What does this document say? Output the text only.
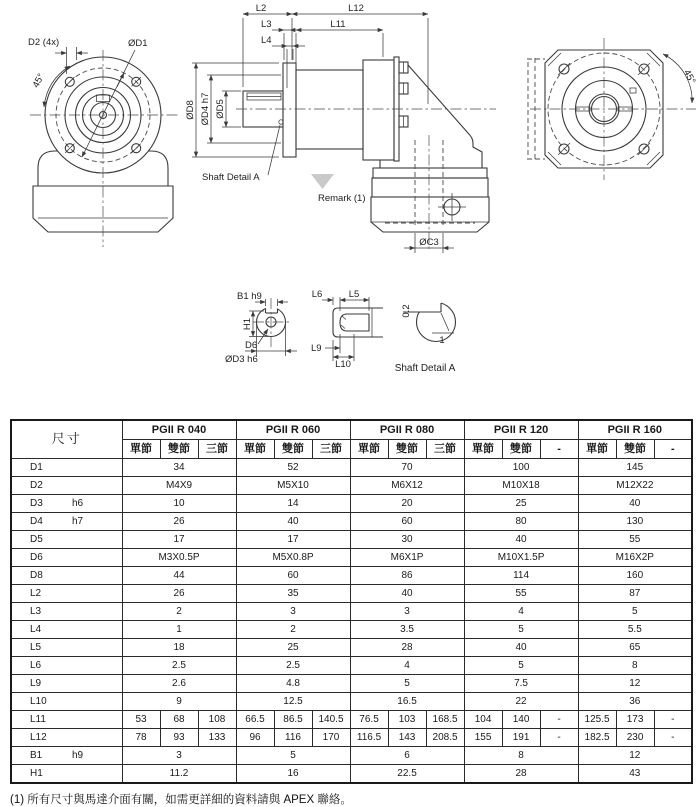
45°
D2 (4x)	ØD1
L2	L12
L3	L11
L4
ØD8 ØD4 h7 ØD5
Shaft Detail A
Remark (1)
ØC3
45°
B1 h9
H1
D6
ØD3 h6
L6	L5
L9
L10
0.2
1
Shaft Detail A
尺寸	PGII R 040			PGII R 060			PGII R 080			PGII R 120			PGII R 160		
	單節	雙節	三節	單節	雙節	三節	單節	雙節	三節	單節	雙節	-	單節	雙節	-
D1	34			52			70			100			145		
D2	M4X9			M5X10			M6X12			M10X18			M12X22		
D3 h6	10			14			20			25			40		
D4 h7	26			40			60			80			130		
D5	17			17			30			40			55		
D6	M3X0.5P			M5X0.8P			M6X1P			M10X1.5P			M16X2P		
D8	44			60			86			114			160		
L2	26			35			40			55			87		
L3	2			3			3			4			5		
L4	1			2			3.5			5			5.5		
L5	18			25			28			40			65		
L6	2.5			2.5			4			5			8		
L9	2.6			4.8			5			7.5			12		
L10	9			12.5			16.5			22			36		
L11	53	68	108	66.5	86.5	140.5	76.5	103	168.5	104	140	-	125.5	173	-
L12	78	93	133	96	116	170	116.5	143	208.5	155	191	-	182.5	230	-
B1 h9	3			5			6			8			12		
H1	11.2			16			22.5			28			43		
(1) 所有尺寸與馬達介面有關，如需更詳細的資料請與 APEX 聯絡。
